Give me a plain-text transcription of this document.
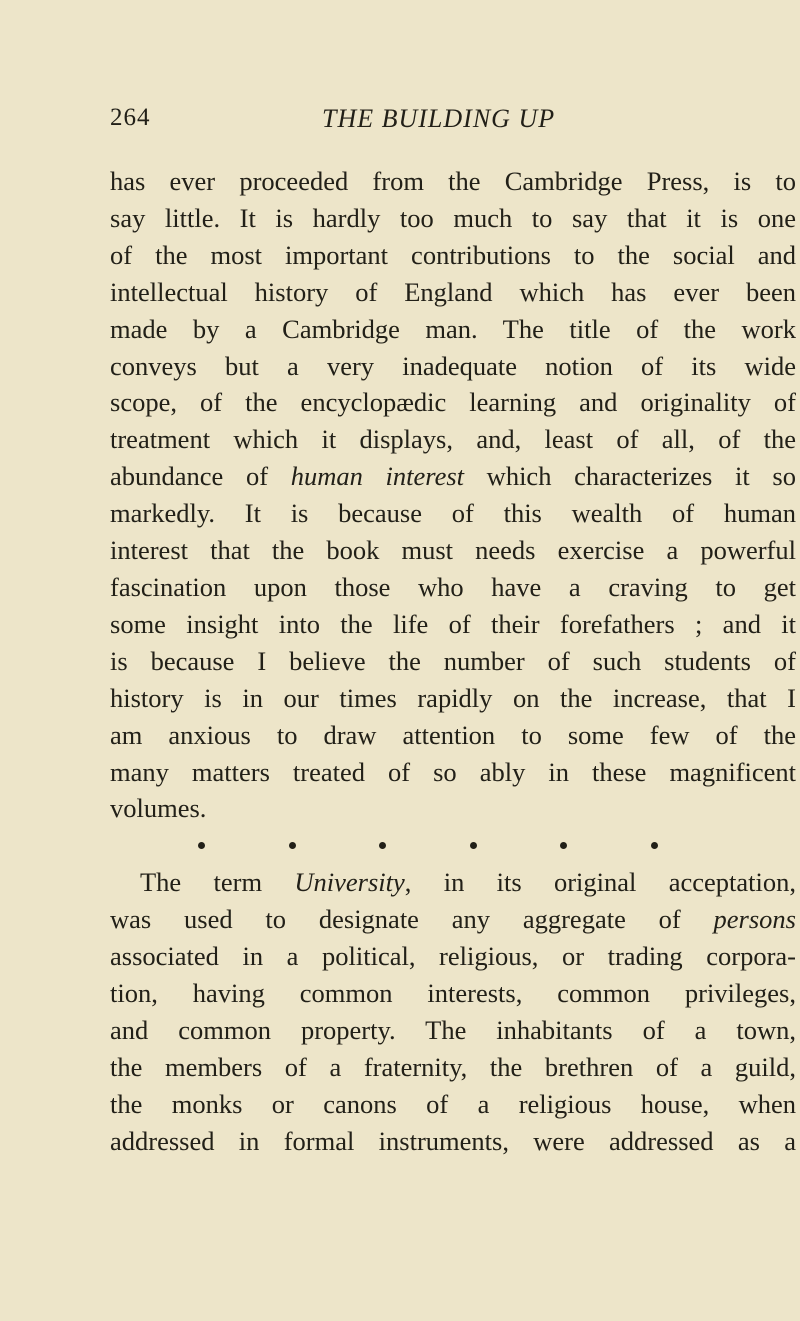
264	THE BUILDING UP
has ever proceeded from the Cambridge Press, is to
say little. It is hardly too much to say that it is one
of the most important contributions to the social and
intellectual history of England which has ever been
made by a Cambridge man. The title of the work
conveys but a very inadequate notion of its wide
scope, of the encyclopædic learning and originality of
treatment which it displays, and, least of all, of the
abundance of human interest which characterizes it so
markedly. It is because of this wealth of human
interest that the book must needs exercise a powerful
fascination upon those who have a craving to get
some insight into the life of their forefathers ; and it
is because I believe the number of such students of
history is in our times rapidly on the increase, that I
am anxious to draw attention to some few of the
many matters treated of so ably in these magnificent
volumes.
The term University, in its original acceptation,
was used to designate any aggregate of persons
associated in a political, religious, or trading corpora-
tion, having common interests, common privileges,
and common property. The inhabitants of a town,
the members of a fraternity, the brethren of a guild,
the monks or canons of a religious house, when
addressed in formal instruments, were addressed as a
